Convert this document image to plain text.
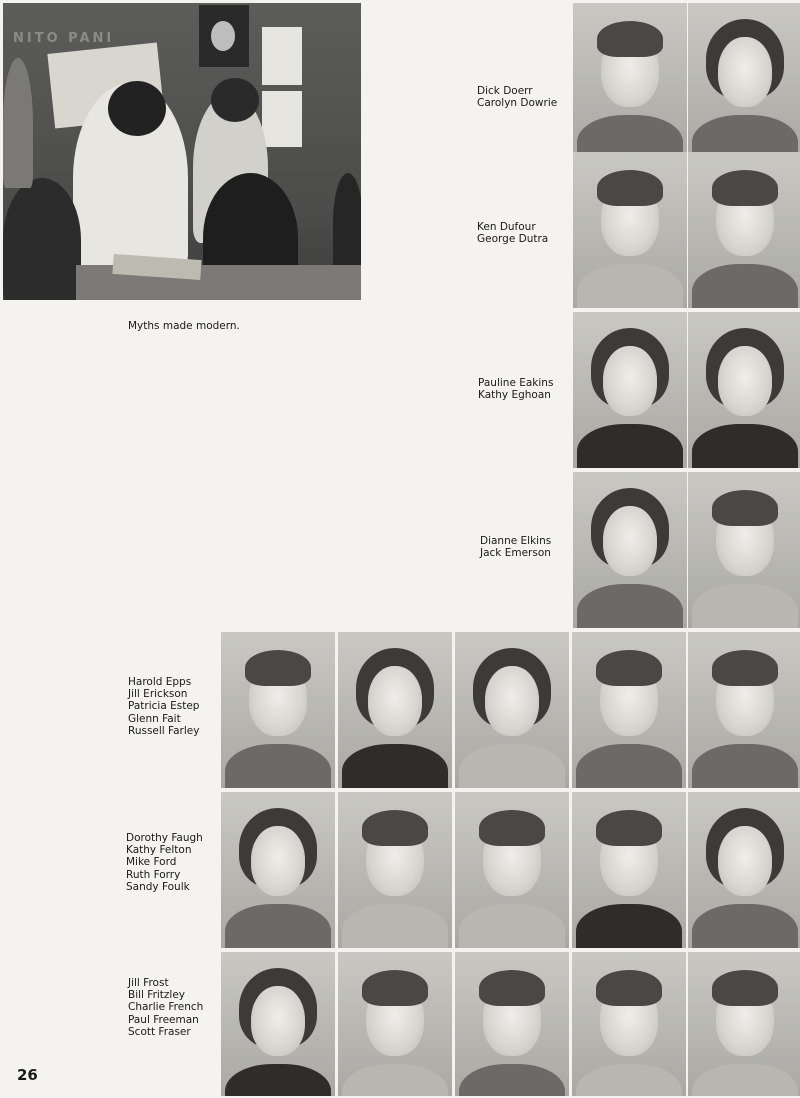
NITO PANI
Myths made modern.
Dick Doerr
Carolyn Dowrie
Ken Dufour
George Dutra
Pauline Eakins
Kathy Eghoan
Dianne Elkins
Jack Emerson
Harold Epps
Jill Erickson
Patricia Estep
Glenn Fait
Russell Farley
Dorothy Faugh
Kathy Felton
Mike Ford
Ruth Forry
Sandy Foulk
Jill Frost
Bill Fritzley
Charlie French
Paul Freeman
Scott Fraser
26
